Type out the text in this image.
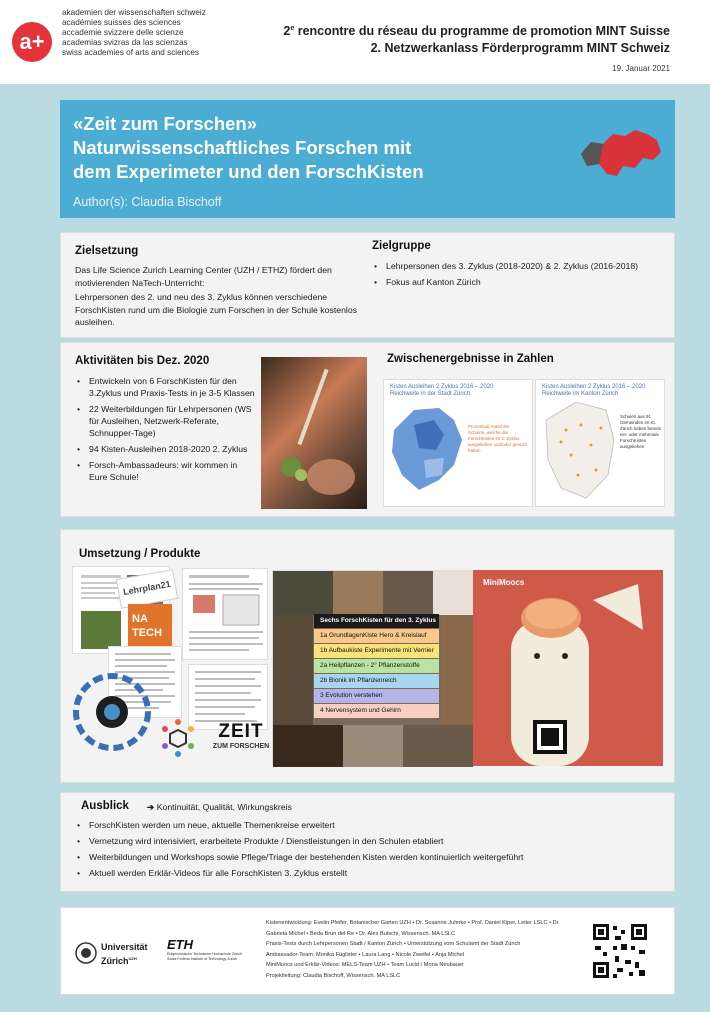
a+
akademien der wissenschaften schweiz
académies suisses des sciences
accademie svizzere delle scienze
academias svizras da las scienzas
swiss academies of arts and sciences
2e rencontre du réseau du programme de promotion MINT Suisse
2. Netzwerkanlass Förderprogramm MINT Schweiz
19. Januar 2021
«Zeit zum Forschen»
Naturwissenschaftliches Forschen mit
dem Experimeter und den ForschKisten
Author(s): Claudia Bischoff
Zielsetzung
Das Life Science Zurich Learning Center (UZH / ETHZ) fördert den motivierenden NaTech-Unterricht:
Lehrpersonen des 2. und neu des 3. Zyklus können verschiedene ForschKisten rund um die Biologie zum Forschen in der Schule kostenlos ausleihen.
Zielgruppe
• Lehrpersonen des 3. Zyklus (2018-2020) & 2. Zyklus (2016-2018)
• Fokus auf Kanton Zürich
Aktivitäten bis Dez. 2020
• Entwickeln von 6 ForschKisten für den 3.Zyklus und Praxis-Tests in je 3-5 Klassen
• 22 Weiterbildungen für Lehrpersonen (WS für Ausleihen, Netzwerk-Referate, Schnupper-Tage)
• 94 Kisten-Ausleihen 2018-2020 2. Zyklus
• Forsch-Ambassadeurs: wir kommen in Eure Schule!
Zwischenergebnisse in Zahlen
Kisten Ausleihen 2 Zyklus 2016 – 2020 Reichweite in der Stadt Zürich
Prozentual Anteil der Schulen, welche die ForschKisten im 2. Zyklus ausgeliehen und/oder genutzt haben
Kisten Ausleihen 2 Zyklus 2016 – 2020 Reichweite im Kanton Zürich
Schulen aus 91 Gemeinden im Kt. Zürich haben bereits ein- oder mehrmals ForschKisten ausgeliehen
Umsetzung / Produkte
Lehrplan21
NA TECH
ZEIT
ZUM FORSCHEN
Sechs ForschKisten für den 3. Zyklus
1a GrundlagenKiste Hero & Kreislauf
1b Aufbaukiste Experimente mit Vernier
2a Heilpflanzen - 2° Pflanzenstoffe
2b Bionik im Pflanzenreich
3 Evolution verstehen
4 Nervensystem und Gehirn
MiniMoocs
Ausblick ➔ Kontinuität, Qualität, Wirkungskreis
• ForschKisten werden um neue, aktuelle Themenkreise erweitert
• Vernetzung wird intensiviert, erarbeitete Produkte / Dienstleistungen in den Schulen etabliert
• Weiterbildungen und Workshops sowie Pflege/Triage der bestehenden Kisten werden kontinuierlich weitergeführt
• Aktuell werden Erklär-Videos für alle ForschKisten 3. Zyklus erstellt
Universität Zürich$^{UZH}$
ETH
Eidgenössische Technische Hochschule Zürich Swiss Federal Institute of Technology Zurich
Kistenentwicklung: Evelin Pfeifer, Botanischer Garten UZH • Dr. Susanne Juhnke • Prof. Daniel Kiper, Leiter LSLC • Dr. Gabriela Michel • Beda Brun del Re • Dr. Alex Butschi, Wissensch. MA LSLC
Praxis-Tests durch Lehrpersonen Stadt / Kanton Zürich • Unterstützung vom Schulamt der Stadt Zürich
Ambassador-Team: Monika Füglister • Laura Lang • Nicole Zweifel • Anja Michel
MiniMoocs und Erklär-Videos: MELS-Team UZH • Team Lucid / Mona Neubauer
Projektleitung: Claudia Bischoff, Wissensch. MA LSLC
